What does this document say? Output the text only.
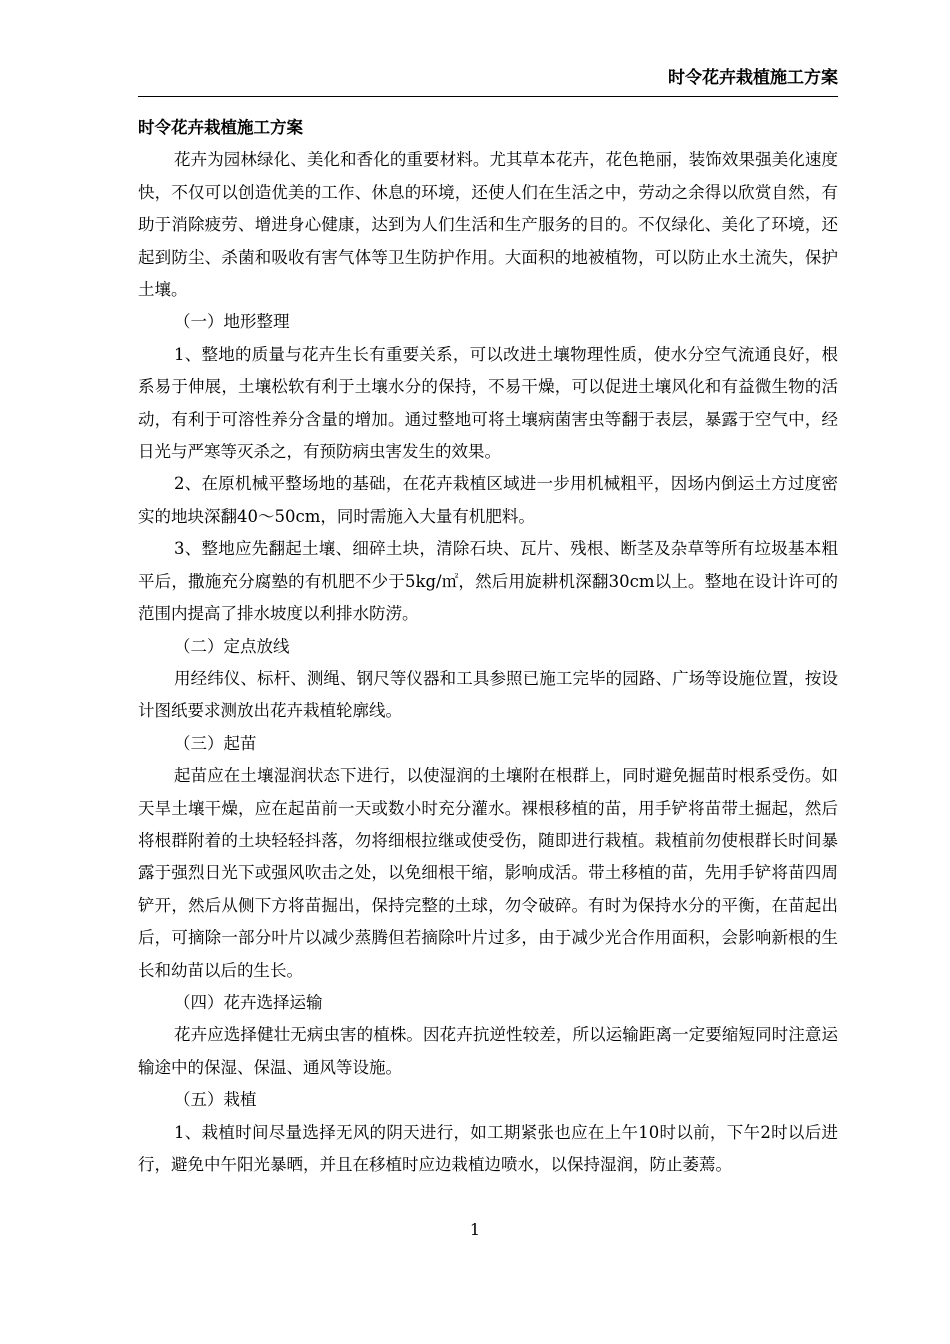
时令花卉栽植施工方案

时令花卉栽植施工方案

花卉为园林绿化、美化和香化的重要材料。尤其草本花卉，花色艳丽，装饰效果强美化速度快，不仅可以创造优美的工作、休息的环境，还使人们在生活之中，劳动之余得以欣赏自然，有助于消除疲劳、增进身心健康，达到为人们生活和生产服务的目的。不仅绿化、美化了环境，还起到防尘、杀菌和吸收有害气体等卫生防护作用。大面积的地被植物，可以防止水土流失，保护土壤。

（一）地形整理

1、整地的质量与花卉生长有重要关系，可以改进土壤物理性质，使水分空气流通良好，根系易于伸展，土壤松软有利于土壤水分的保持，不易干燥，可以促进土壤风化和有益微生物的活动，有利于可溶性养分含量的增加。通过整地可将土壤病菌害虫等翻于表层，暴露于空气中，经日光与严寒等灭杀之，有预防病虫害发生的效果。

2、在原机械平整场地的基础，在花卉栽植区域进一步用机械粗平，因场内倒运土方过度密实的地块深翻40～50cm，同时需施入大量有机肥料。

3、整地应先翻起土壤、细碎土块，清除石块、瓦片、残根、断茎及杂草等所有垃圾基本粗平后，撒施充分腐塾的有机肥不少于5kg/㎡，然后用旋耕机深翻30cm以上。整地在设计许可的范围内提高了排水坡度以利排水防涝。

（二）定点放线

用经纬仪、标杆、测绳、钢尺等仪器和工具参照已施工完毕的园路、广场等设施位置，按设计图纸要求测放出花卉栽植轮廓线。

（三）起苗

起苗应在土壤湿润状态下进行，以使湿润的土壤附在根群上，同时避免掘苗时根系受伤。如天旱土壤干燥，应在起苗前一天或数小时充分灌水。裸根移植的苗，用手铲将苗带土掘起，然后将根群附着的土块轻轻抖落，勿将细根拉继或使受伤，随即进行栽植。栽植前勿使根群长时间暴露于强烈日光下或强风吹击之处，以免细根干缩，影响成活。带土移植的苗，先用手铲将苗四周铲开，然后从侧下方将苗掘出，保持完整的土球，勿令破碎。有时为保持水分的平衡，在苗起出后，可摘除一部分叶片以减少蒸腾但若摘除叶片过多，由于减少光合作用面积，会影响新根的生长和幼苗以后的生长。

（四）花卉选择运输

花卉应选择健壮无病虫害的植株。因花卉抗逆性较差，所以运输距离一定要缩短同时注意运输途中的保湿、保温、通风等设施。

（五）栽植

1、栽植时间尽量选择无风的阴天进行，如工期紧张也应在上午10时以前，下午2时以后进行，避免中午阳光暴晒，并且在移植时应边栽植边喷水，以保持湿润，防止萎蔫。

1
